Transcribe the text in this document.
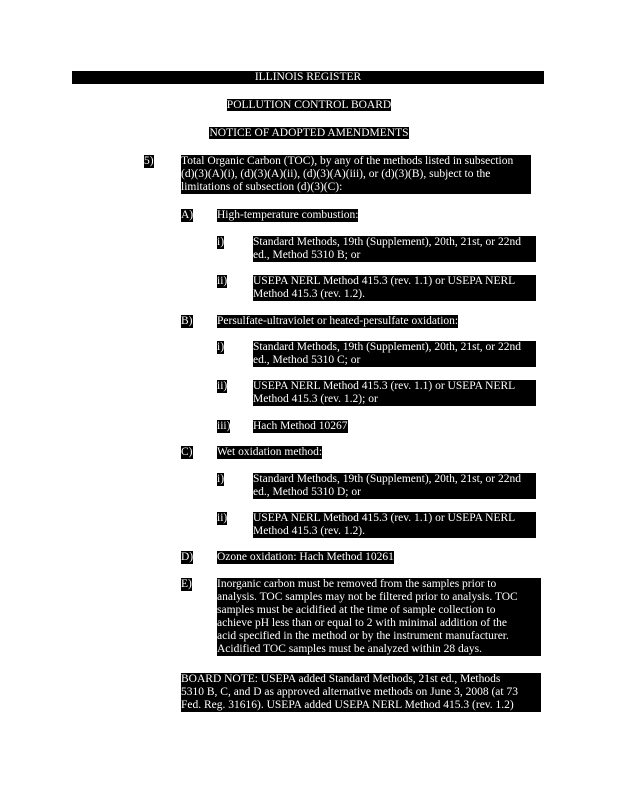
ILLINOIS REGISTER
POLLUTION CONTROL BOARD
NOTICE OF ADOPTED AMENDMENTS
5) Total Organic Carbon (TOC), by any of the methods listed in subsection
(d)(3)(A)(i), (d)(3)(A)(ii), (d)(3)(A)(iii), or (d)(3)(B), subject to the
limitations of subsection (d)(3)(C):
A) High-temperature combustion:
i)	Standard Methods, 19th (Supplement), 20th, 21st, or 22nd
ed., Method 5310 B; or
ii) USEPA NERL Method 415.3 (rev. 1.1) or USEPA NERL
Method 415.3 (rev. 1.2).
B) Persulfate-ultraviolet or heated-persulfate oxidation:
i)	Standard Methods, 19th (Supplement), 20th, 21st, or 22nd
ed., Method 5310 C; or
ii) USEPA NERL Method 415.3 (rev. 1.1) or USEPA NERL
Method 415.3 (rev. 1.2); or
iii) Hach Method 10267
C) Wet oxidation method:
i)	Standard Methods, 19th (Supplement), 20th, 21st, or 22nd
ed., Method 5310 D; or
ii) USEPA NERL Method 415.3 (rev. 1.1) or USEPA NERL
Method 415.3 (rev. 1.2).
D) Ozone oxidation: Hach Method 10261
E) Inorganic carbon must be removed from the samples prior to
analysis. TOC samples may not be filtered prior to analysis. TOC
samples must be acidified at the time of sample collection to
achieve pH less than or equal to 2 with minimal addition of the
acid specified in the method or by the instrument manufacturer.
Acidified TOC samples must be analyzed within 28 days.
BOARD NOTE: USEPA added Standard Methods, 21st ed., Methods
5310 B, C, and D as approved alternative methods on June 3, 2008 (at 73
Fed. Reg. 31616). USEPA added USEPA NERL Method 415.3 (rev. 1.2)
